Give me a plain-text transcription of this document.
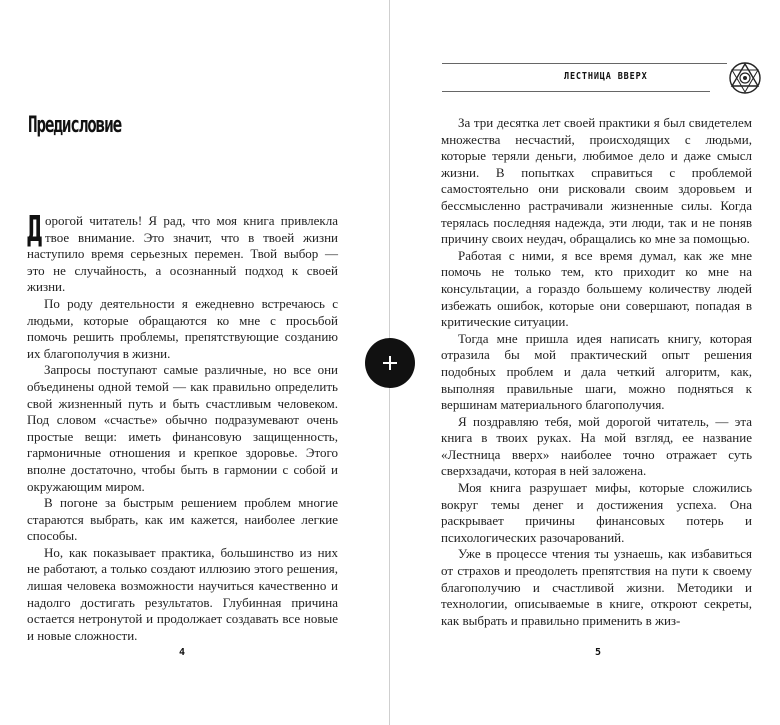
Предисловие

Дорогой читатель! Я рад, что моя книга привлекла твое внимание. Это значит, что в твоей жизни наступило время серьезных перемен. Твой выбор — это не случайность, а осознанный подход к своей жизни.

По роду деятельности я ежедневно встречаюсь с людьми, которые обращаются ко мне с просьбой помочь решить проблемы, препятствующие созданию их благополучия в жизни.

Запросы поступают самые различные, но все они объединены одной темой — как правильно определить свой жизненный путь и быть счастливым человеком. Под словом «счастье» обычно подразумевают очень простые вещи: иметь финансовую защищенность, гармоничные отношения и крепкое здоровье. Этого вполне достаточно, чтобы быть в гармонии с собой и окружающим миром.

В погоне за быстрым решением проблем многие стараются выбрать, как им кажется, наиболее легкие способы.

Но, как показывает практика, большинство из них не работают, а только создают иллюзию этого решения, лишая человека возможности научиться качественно и надолго достигать результатов. Глубинная причина остается нетронутой и продолжает создавать все новые и новые сложности.

4
ЛЕСТНИЦА ВВЕРХ

За три десятка лет своей практики я был свидетелем множества несчастий, происходящих с людьми, которые теряли деньги, любимое дело и даже смысл жизни. В попытках справиться с проблемой самостоятельно они рисковали своим здоровьем и бессмысленно растрачивали жизненные силы. Когда терялась последняя надежда, эти люди, так и не поняв причину своих неудач, обращались ко мне за помощью.

Работая с ними, я все время думал, как же мне помочь не только тем, кто приходит ко мне на консультации, а гораздо большему количеству людей избежать ошибок, которые они совершают, попадая в критические ситуации.

Тогда мне пришла идея написать книгу, которая отразила бы мой практический опыт решения подобных проблем и дала четкий алгоритм, как, выполняя правильные шаги, можно подняться к вершинам материального благополучия.

Я поздравляю тебя, мой дорогой читатель, — эта книга в твоих руках. На мой взгляд, ее название «Лестница вверх» наиболее точно отражает суть сверхзадачи, которая в ней заложена.

Моя книга разрушает мифы, которые сложились вокруг темы денег и достижения успеха. Она раскрывает причины финансовых потерь и психологических разочарований.

Уже в процессе чтения ты узнаешь, как избавиться от страхов и преодолеть препятствия на пути к своему благополучию и счастливой жизни. Методики и технологии, описываемые в книге, откроют секреты, как выбрать и правильно применить в жиз-

5
